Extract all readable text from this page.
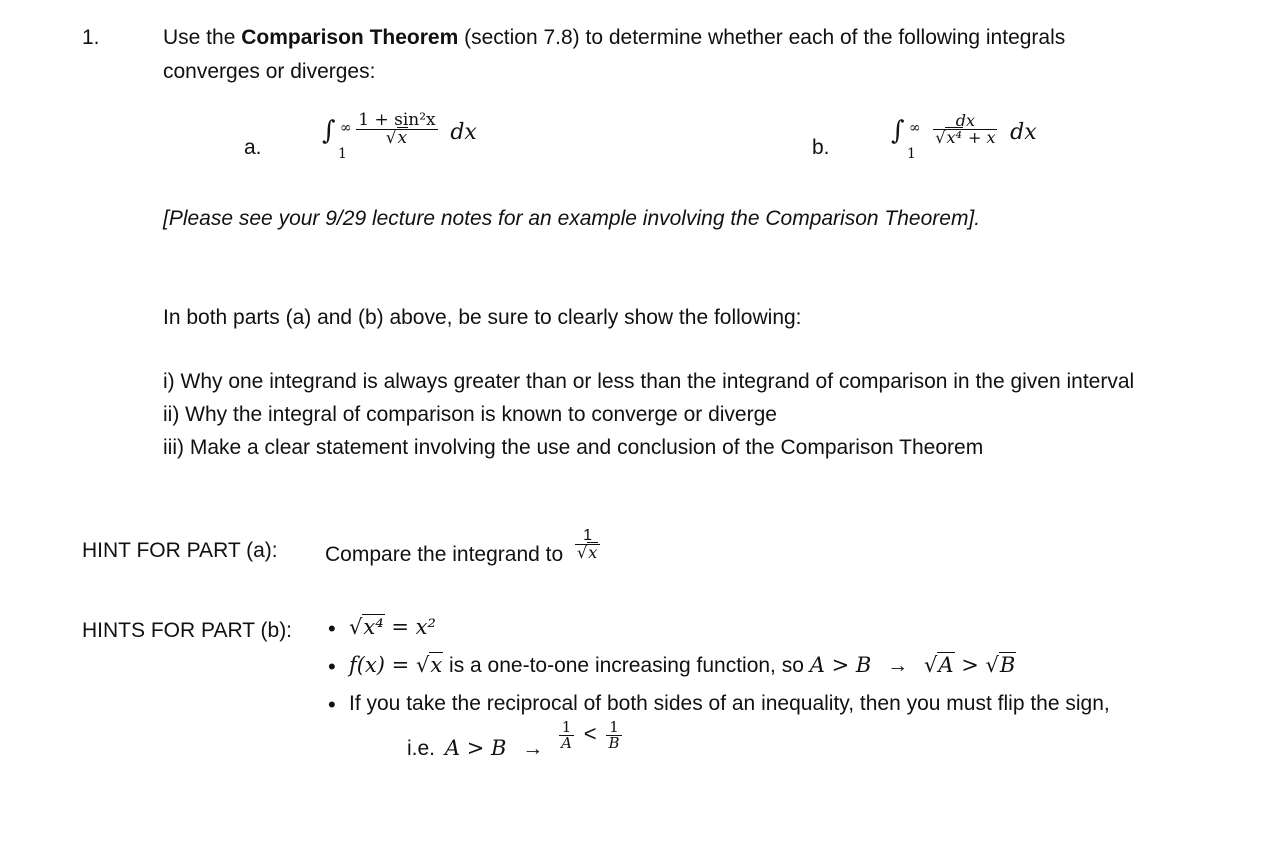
1.	Use the Comparison Theorem (section 7.8) to determine whether each of the following integrals
converges or diverges:
a.
∫ ∞
1
$\frac{\text{1 + sin²x}}{√x}$ dx
b.
∫ ∞
1
$\frac{dx}{\text{√x⁴ + x}}$ dx
[Please see your 9/29 lecture notes for an example involving the Comparison Theorem].
In both parts (a) and (b) above, be sure to clearly show the following:
i) Why one integrand is always greater than or less than the integrand of comparison in the given interval
ii) Why the integral of comparison is known to converge or diverge
iii) Make a clear statement involving the use and conclusion of the Comparison Theorem
HINT FOR PART (a): Compare the integrand to $\frac{1}{√x}$
HINTS FOR PART (b): • √x⁴ = x²
• f(x) = √x is a one-to-one increasing function, so A > B → √A > √B
• If you take the reciprocal of both sides of an inequality, then you must flip the sign,
i.e. $A > B \to \frac{1}{A} < \frac{1}{B}$
